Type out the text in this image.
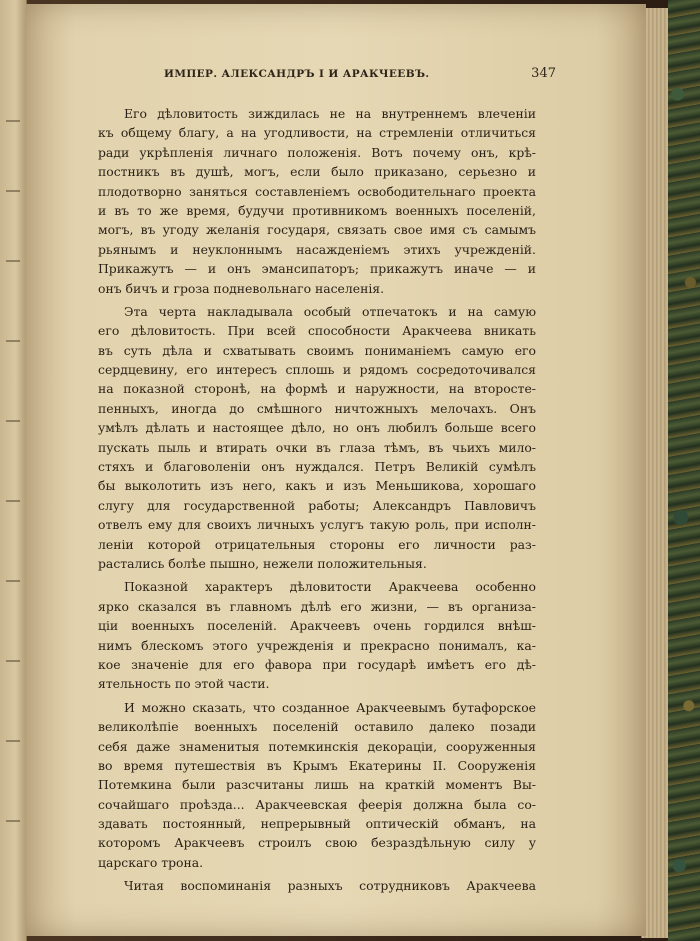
ИМПЕР. АЛЕКСАНДРЪ I И АРАКЧЕЕВЪ.	347
Его дѣловитость зиждилась не на внутреннемъ влеченіи
къ общему благу, а на угодливости, на стремленіи отличиться
ради укрѣпленія личнаго положенія. Вотъ почему онъ, крѣ-
постникъ въ душѣ, могъ, если было приказано, серьезно и
плодотворно заняться составленіемъ освободительнаго проекта
и въ то же время, будучи противникомъ военныхъ поселеній,
могъ, въ угоду желанія государя, связать свое имя съ самымъ
рьянымъ и неуклоннымъ насажденіемъ этихъ учрежденій.
Прикажутъ — и онъ эмансипаторъ; прикажутъ иначе — и
онъ бичъ и гроза подневольнаго населенія.
Эта черта накладывала особый отпечатокъ и на самую
его дѣловитость. При всей способности Аракчеева вникать
въ суть дѣла и схватывать своимъ пониманіемъ самую его
сердцевину, его интересъ сплошь и рядомъ сосредоточивался
на показной сторонѣ, на формѣ и наружности, на второсте-
пенныхъ, иногда до смѣшного ничтожныхъ мелочахъ. Онъ
умѣлъ дѣлать и настоящее дѣло, но онъ любилъ больше всего
пускать пыль и втирать очки въ глаза тѣмъ, въ чьихъ мило-
стяхъ и благоволеніи онъ нуждался. Петръ Великій сумѣлъ
бы выколотить изъ него, какъ и изъ Меньшикова, хорошаго
слугу для государственной работы; Александръ Павловичъ
отвелъ ему для своихъ личныхъ услугъ такую роль, при исполн-
леніи которой отрицательныя стороны его личности раз-
растались болѣе пышно, нежели положительныя.
Показной характеръ дѣловитости Аракчеева особенно
ярко сказался въ главномъ дѣлѣ его жизни, — въ организа-
ціи военныхъ поселеній. Аракчеевъ очень гордился внѣш-
нимъ блескомъ этого учрежденія и прекрасно понималъ, ка-
кое значеніе для его фавора при государѣ имѣетъ его дѣ-
ятельность по этой части.
И можно сказать, что созданное Аракчеевымъ бутафорское
великолѣпіе военныхъ поселеній оставило далеко позади
себя даже знаменитыя потемкинскія декораціи, сооруженныя
во время путешествія въ Крымъ Екатерины II. Сооруженія
Потемкина были разсчитаны лишь на краткій моментъ Вы-
сочайшаго проѣзда... Аракчеевская феерія должна была со-
здавать постоянный, непрерывный оптическій обманъ, на
которомъ Аракчеевъ строилъ свою безраздѣльную силу у
царскаго трона.
Читая воспоминанія разныхъ сотрудниковъ Аракчеева
